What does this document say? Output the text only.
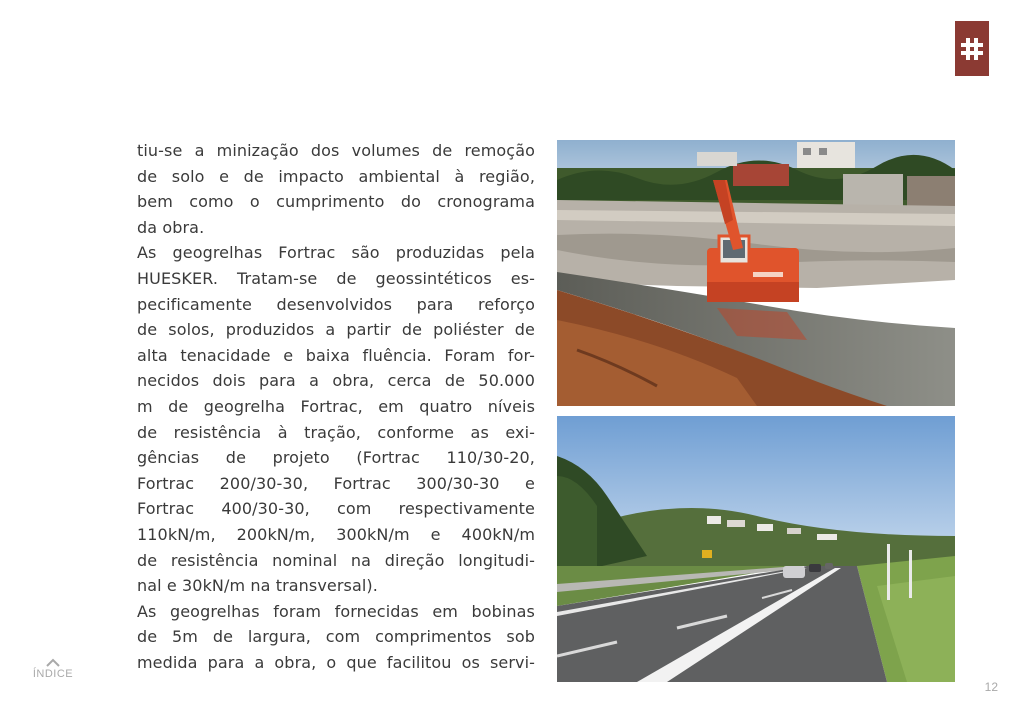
tiu-se a minização dos volumes de remoção
de solo e de impacto ambiental à região,
bem como o cumprimento do cronograma
da obra.
As geogrelhas Fortrac são produzidas pela
HUESKER. Tratam-se de geossintéticos es-
pecificamente desenvolvidos para reforço
de solos, produzidos a partir de poliéster de
alta tenacidade e baixa fluência. Foram for-
necidos dois para a obra, cerca de 50.000
m de geogrelha Fortrac, em quatro níveis
de resistência à tração, conforme as exi-
gências de projeto (Fortrac 110/30-20,
Fortrac 200/30-30, Fortrac 300/30-30 e
Fortrac 400/30-30, com respectivamente
110kN/m, 200kN/m, 300kN/m e 400kN/m
de resistência nominal na direção longitudi-
nal e 30kN/m na transversal).
As geogrelhas foram fornecidas em bobinas
de 5m de largura, com comprimentos sob
medida para a obra, o que facilitou os servi-
ÍNDICE
12
